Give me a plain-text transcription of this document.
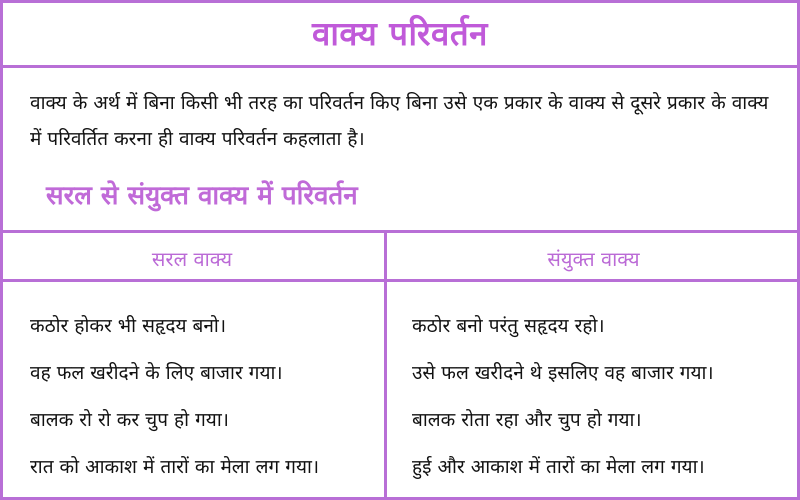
वाक्य परिवर्तन
वाक्य के अर्थ में बिना किसी भी तरह का परिवर्तन किए बिना उसे एक प्रकार के वाक्य से दूसरे प्रकार के वाक्य में परिवर्तित करना ही वाक्य परिवर्तन कहलाता है।
सरल से संयुक्त वाक्य में परिवर्तन
सरल वाक्य	संयुक्त वाक्य
कठोर होकर भी सहृदय बनो।
वह फल खरीदने के लिए बाजार गया।
बालक रो रो कर चुप हो गया।
रात को आकाश में तारों का मेला लग गया।
कठोर बनो परंतु सहृदय रहो।
उसे फल खरीदने थे इसलिए वह बाजार गया।
बालक रोता रहा और चुप हो गया।
हुई और आकाश में तारों का मेला लग गया।
